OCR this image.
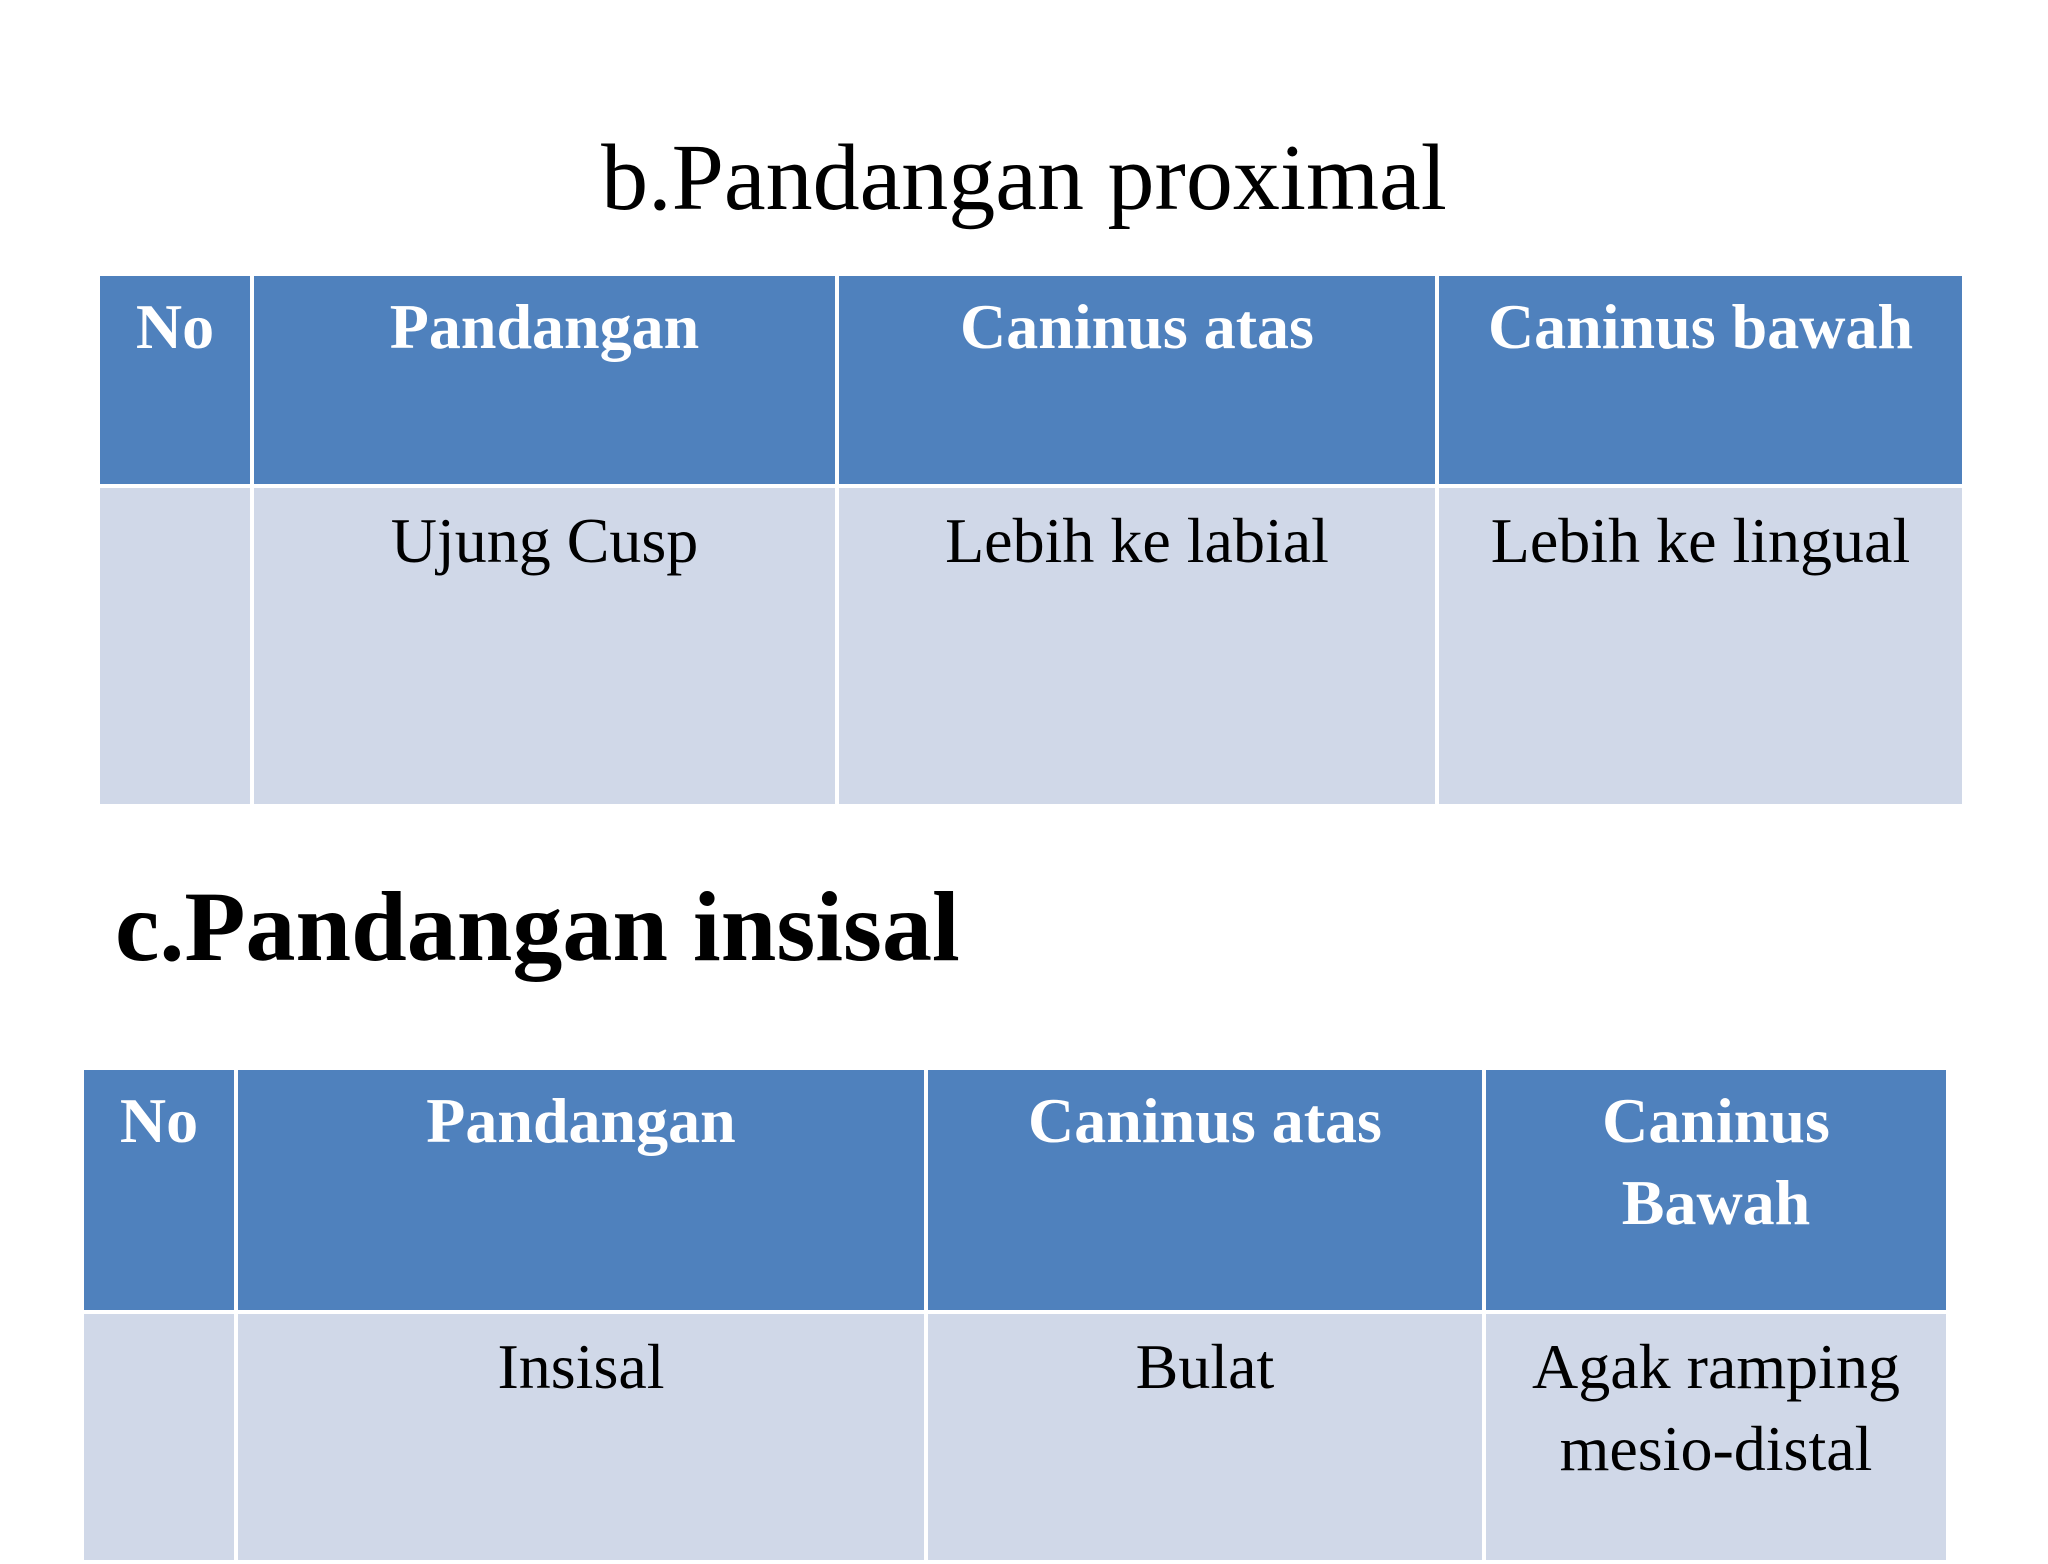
b.Pandangan proximal
No	Pandangan	Caninus atas	Caninus bawah
	Ujung Cusp	Lebih ke labial	Lebih ke lingual
c.Pandangan insisal
No	Pandangan	Caninus atas	Caninus
Bawah
	Insisal	Bulat	Agak ramping
mesio-distal
